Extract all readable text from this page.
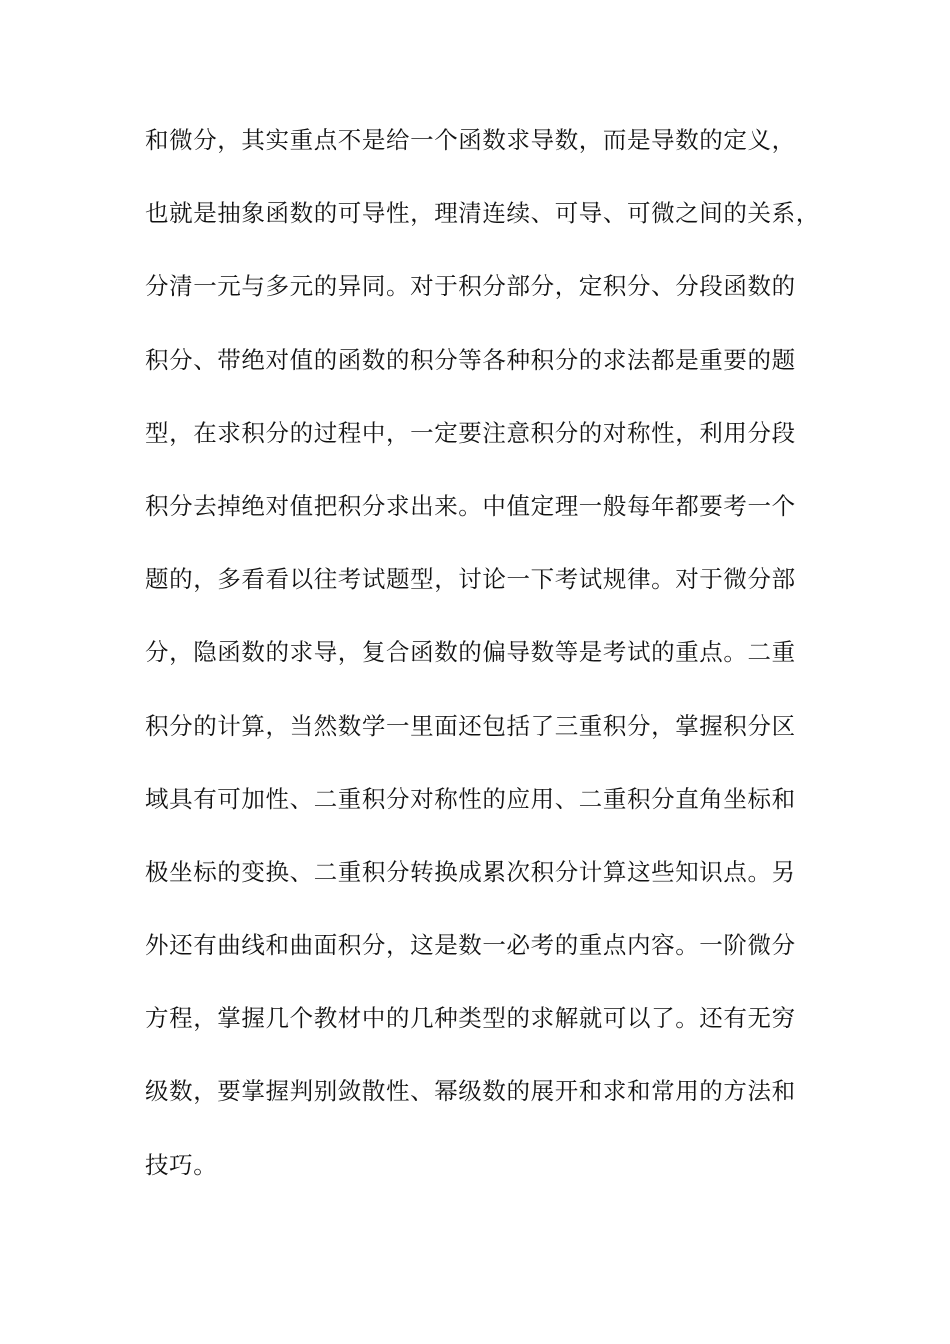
和微分，其实重点不是给一个函数求导数，而是导数的定义，
也就是抽象函数的可导性，理清连续、可导、可微之间的关系，
分清一元与多元的异同。对于积分部分，定积分、分段函数的
积分、带绝对值的函数的积分等各种积分的求法都是重要的题
型，在求积分的过程中，一定要注意积分的对称性，利用分段
积分去掉绝对值把积分求出来。中值定理一般每年都要考一个
题的，多看看以往考试题型，讨论一下考试规律。对于微分部
分，隐函数的求导，复合函数的偏导数等是考试的重点。二重
积分的计算，当然数学一里面还包括了三重积分，掌握积分区
域具有可加性、二重积分对称性的应用、二重积分直角坐标和
极坐标的变换、二重积分转换成累次积分计算这些知识点。另
外还有曲线和曲面积分，这是数一必考的重点内容。一阶微分
方程，掌握几个教材中的几种类型的求解就可以了。还有无穷
级数，要掌握判别敛散性、幂级数的展开和求和常用的方法和
技巧。
